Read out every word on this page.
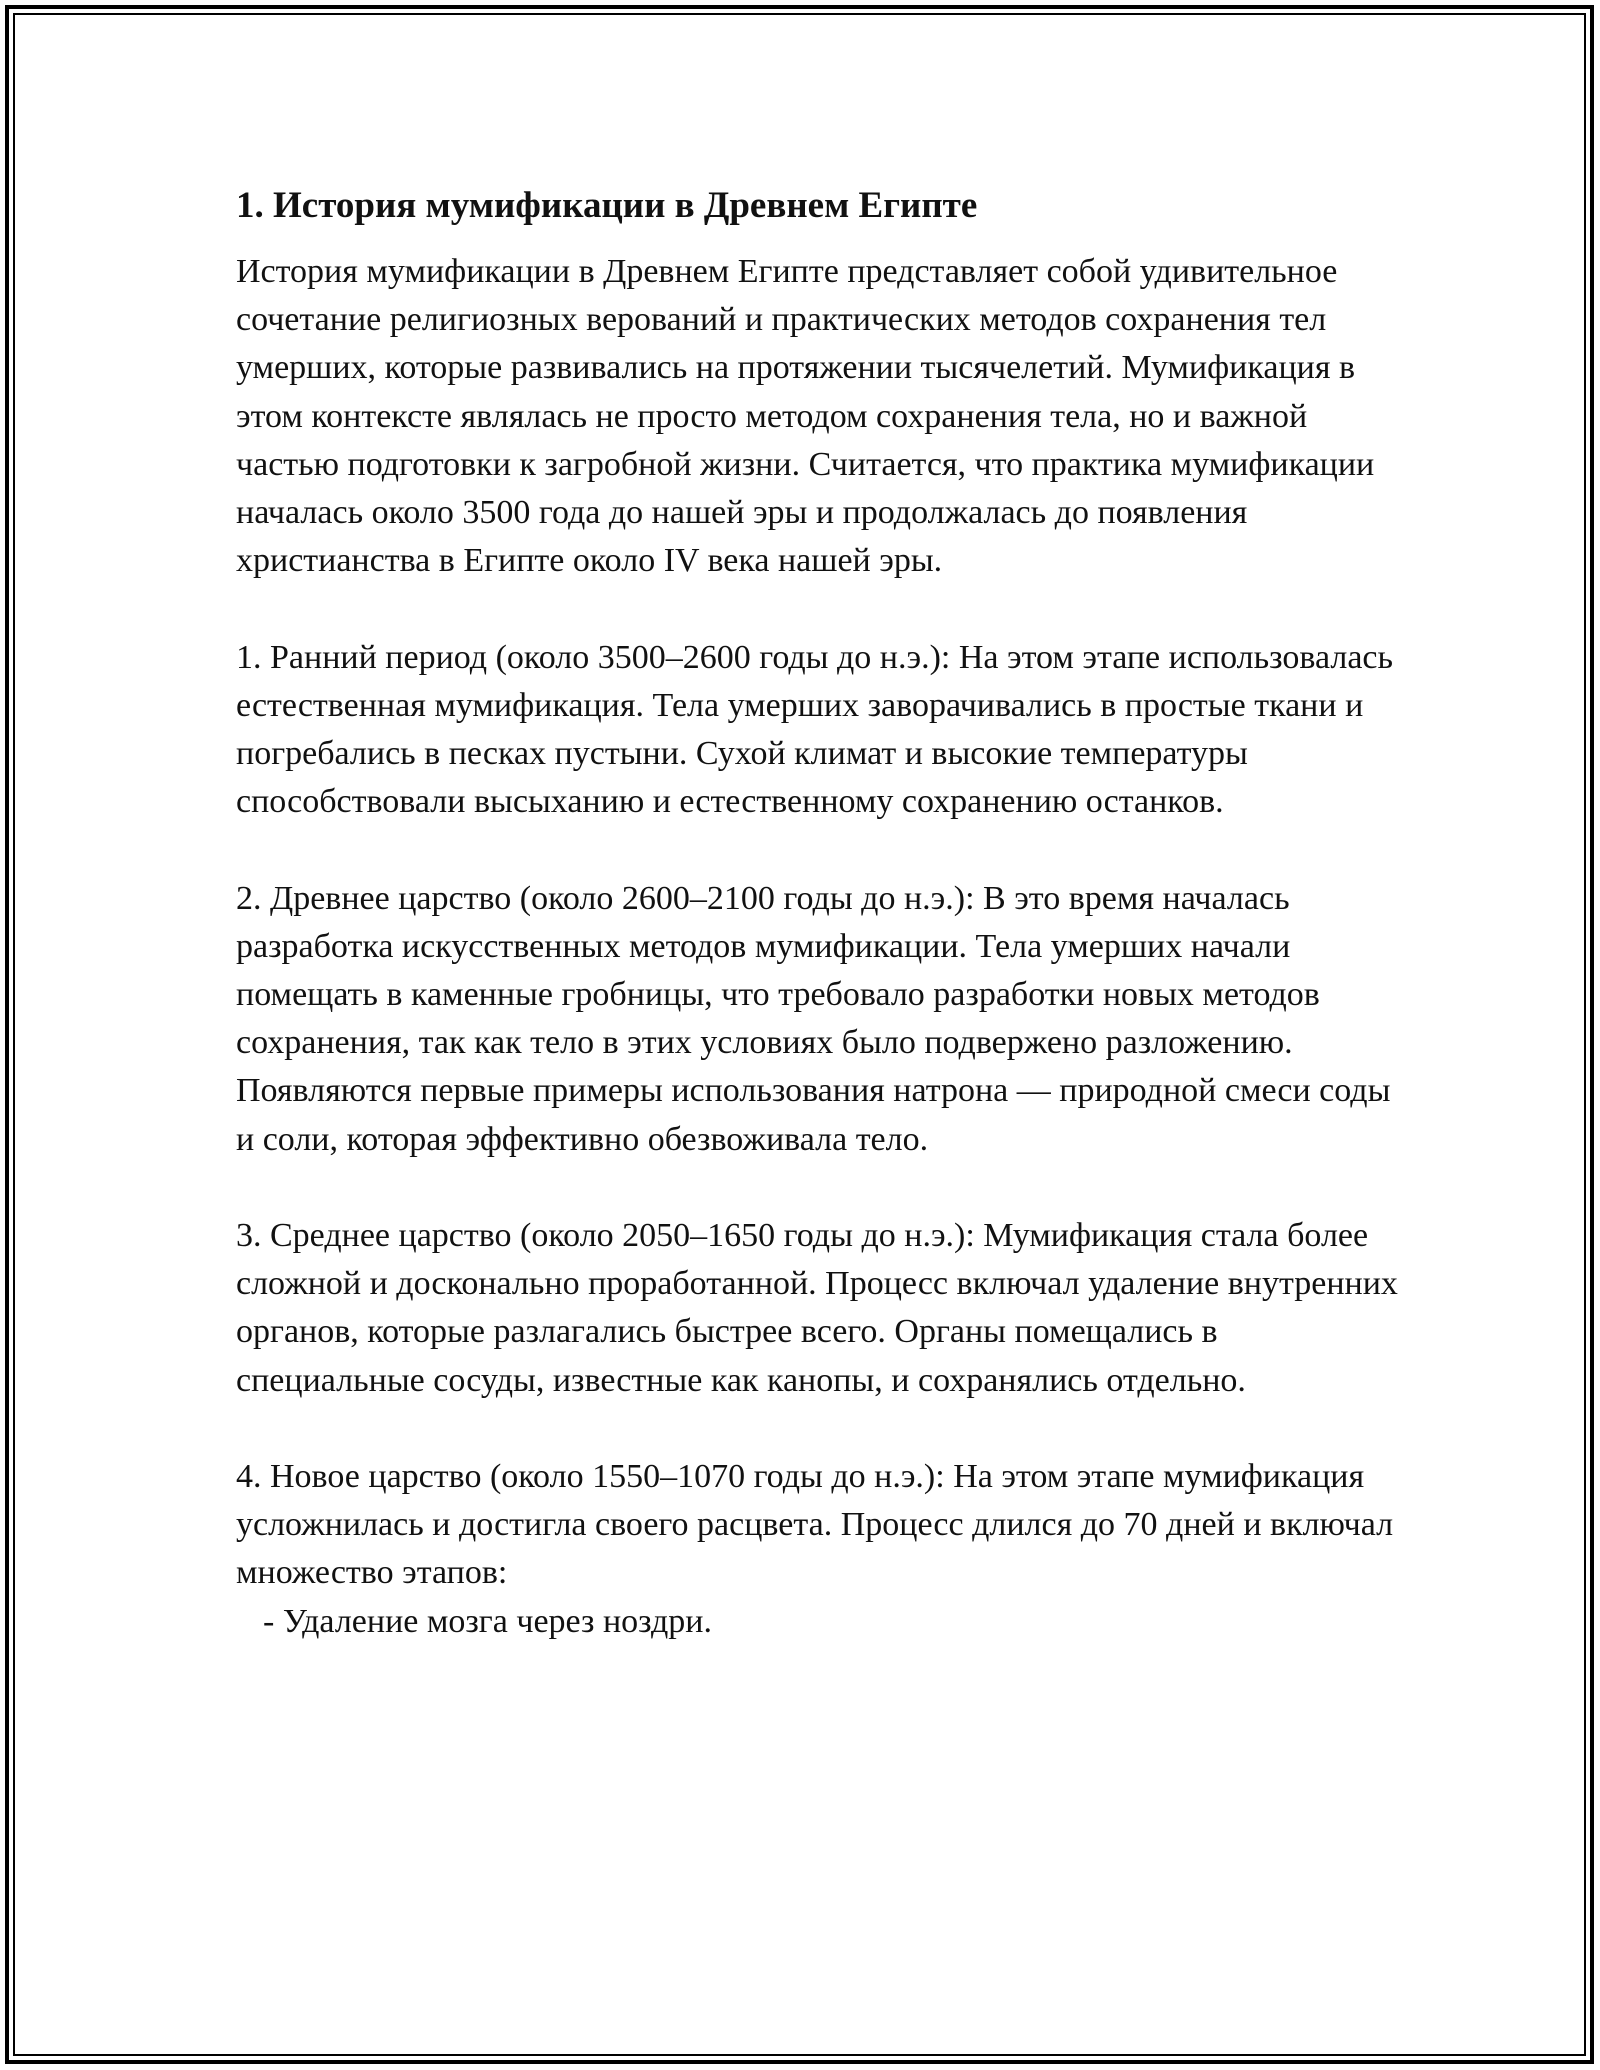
1. История мумификации в Древнем Египте

История мумификации в Древнем Египте представляет собой удивительное сочетание религиозных верований и практических методов сохранения тел умерших, которые развивались на протяжении тысячелетий. Мумификация в этом контексте являлась не просто методом сохранения тела, но и важной частью подготовки к загробной жизни. Считается, что практика мумификации началась около 3500 года до нашей эры и продолжалась до появления христианства в Египте около IV века нашей эры.

1. Ранний период (около 3500–2600 годы до н.э.): На этом этапе использовалась естественная мумификация. Тела умерших заворачивались в простые ткани и погребались в песках пустыни. Сухой климат и высокие температуры способствовали высыханию и естественному сохранению останков.

2. Древнее царство (около 2600–2100 годы до н.э.): В это время началась разработка искусственных методов мумификации. Тела умерших начали помещать в каменные гробницы, что требовало разработки новых методов сохранения, так как тело в этих условиях было подвержено разложению. Появляются первые примеры использования натрона — природной смеси соды и соли, которая эффективно обезвоживала тело.

3. Среднее царство (около 2050–1650 годы до н.э.): Мумификация стала более сложной и досконально проработанной. Процесс включал удаление внутренних органов, которые разлагались быстрее всего. Органы помещались в специальные сосуды, известные как канопы, и сохранялись отдельно.

4. Новое царство (около 1550–1070 годы до н.э.): На этом этапе мумификация усложнилась и достигла своего расцвета. Процесс длился до 70 дней и включал множество этапов:

- Удаление мозга через ноздри.
